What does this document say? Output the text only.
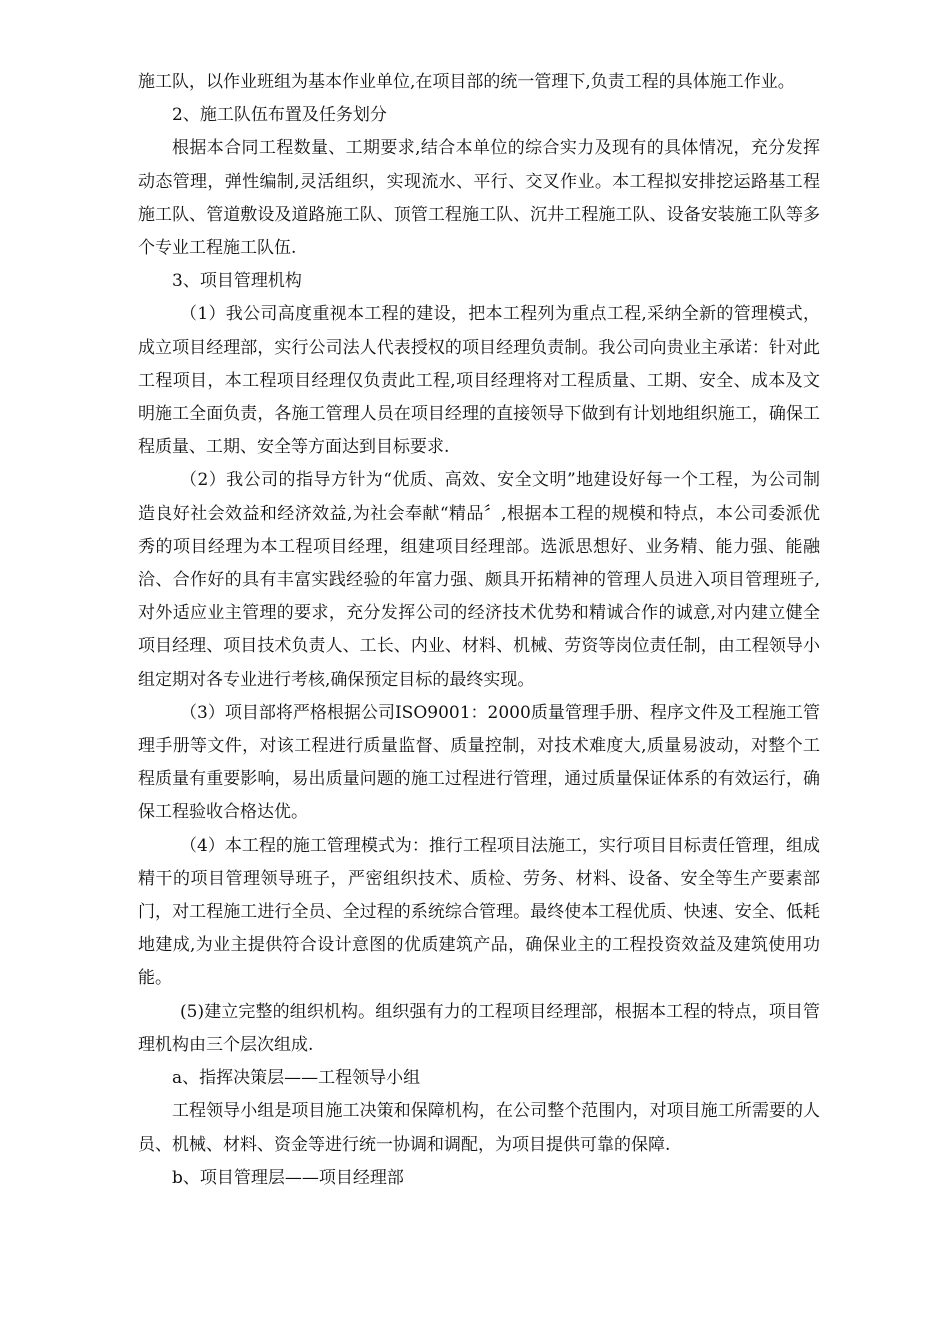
施工队，以作业班组为基本作业单位,在项目部的统一管理下,负责工程的具体施工作业。

2、施工队伍布置及任务划分

根据本合同工程数量、工期要求,结合本单位的综合实力及现有的具体情况，充分发挥动态管理，弹性编制,灵活组织，实现流水、平行、交叉作业。本工程拟安排挖运路基工程施工队、管道敷设及道路施工队、顶管工程施工队、沉井工程施工队、设备安装施工队等多个专业工程施工队伍.

3、项目管理机构

（1）我公司高度重视本工程的建设，把本工程列为重点工程,采纳全新的管理模式，成立项目经理部，实行公司法人代表授权的项目经理负责制。我公司向贵业主承诺：针对此工程项目，本工程项目经理仅负责此工程,项目经理将对工程质量、工期、安全、成本及文明施工全面负责，各施工管理人员在项目经理的直接领导下做到有计划地组织施工，确保工程质量、工期、安全等方面达到目标要求.

（2）我公司的指导方针为“优质、高效、安全文明”地建设好每一个工程，为公司制造良好社会效益和经济效益,为社会奉献“精品〞,根据本工程的规模和特点，本公司委派优秀的项目经理为本工程项目经理，组建项目经理部。选派思想好、业务精、能力强、能融洽、合作好的具有丰富实践经验的年富力强、颇具开拓精神的管理人员进入项目管理班子,对外适应业主管理的要求，充分发挥公司的经济技术优势和精诚合作的诚意,对内建立健全项目经理、项目技术负责人、工长、内业、材料、机械、劳资等岗位责任制，由工程领导小组定期对各专业进行考核,确保预定目标的最终实现。

（3）项目部将严格根据公司ISO9001：2000质量管理手册、程序文件及工程施工管理手册等文件，对该工程进行质量监督、质量控制，对技术难度大,质量易波动，对整个工程质量有重要影响，易出质量问题的施工过程进行管理，通过质量保证体系的有效运行，确保工程验收合格达优。

（4）本工程的施工管理模式为：推行工程项目法施工，实行项目目标责任管理，组成精干的项目管理领导班子，严密组织技术、质检、劳务、材料、设备、安全等生产要素部门，对工程施工进行全员、全过程的系统综合管理。最终使本工程优质、快速、安全、低耗地建成,为业主提供符合设计意图的优质建筑产品，确保业主的工程投资效益及建筑使用功能。

(5)建立完整的组织机构。组织强有力的工程项目经理部，根据本工程的特点，项目管理机构由三个层次组成.

a、指挥决策层——工程领导小组

工程领导小组是项目施工决策和保障机构，在公司整个范围内，对项目施工所需要的人员、机械、材料、资金等进行统一协调和调配，为项目提供可靠的保障.

b、项目管理层——项目经理部
